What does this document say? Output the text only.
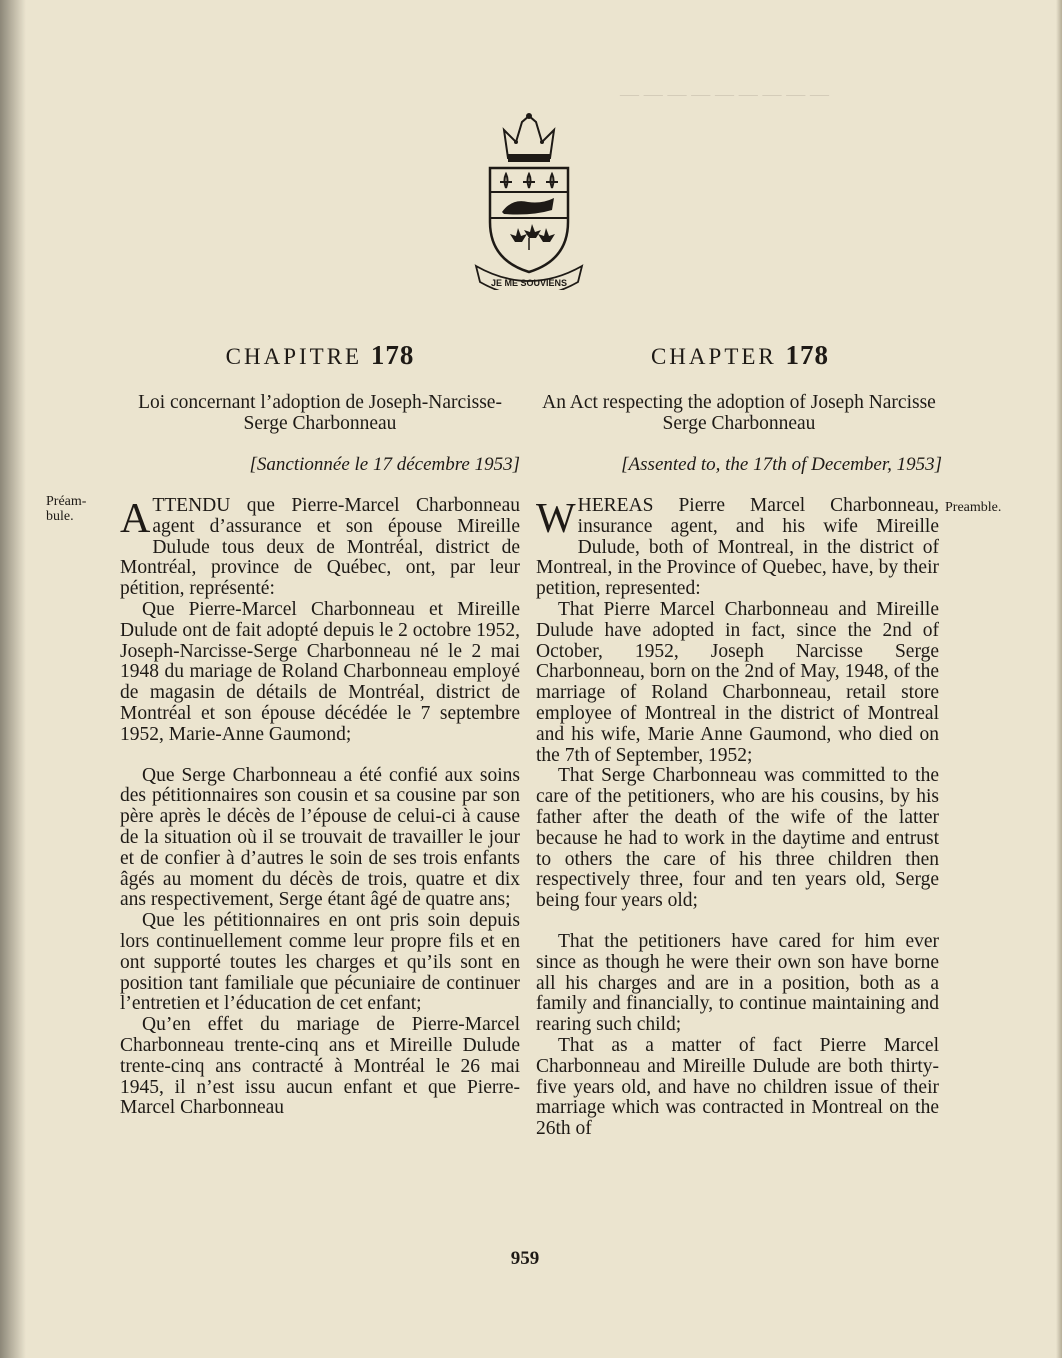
— — — — — — — — —
JE ME SOUVIENS
CHAPITRE 178	CHAPTER 178
Loi concernant l’adoption de Joseph-Narcisse-Serge Charbonneau
An Act respecting the adoption of Joseph Narcisse Serge Charbonneau
[Sanctionnée le 17 décembre 1953]	[Assented to, the 17th of December, 1953]
Préam-bule.
Preamble.

ATTENDU que Pierre-Marcel Charbonneau agent d’assurance et son épouse Mireille Dulude tous deux de Montréal, district de Montréal, province de Québec, ont, par leur pétition, représenté:

Que Pierre-Marcel Charbonneau et Mireille Dulude ont de fait adopté depuis le 2 octobre 1952, Joseph-Narcisse-Serge Charbonneau né le 2 mai 1948 du mariage de Roland Charbonneau employé de magasin de détails de Montréal, district de Montréal et son épouse décédée le 7 septembre 1952, Marie-Anne Gaumond;

Que Serge Charbonneau a été confié aux soins des pétitionnaires son cousin et sa cousine par son père après le décès de l’épouse de celui-ci à cause de la situation où il se trouvait de travailler le jour et de confier à d’autres le soin de ses trois enfants âgés au moment du décès de trois, quatre et dix ans respectivement, Serge étant âgé de quatre ans;

Que les pétitionnaires en ont pris soin depuis lors continuellement comme leur propre fils et en ont supporté toutes les charges et qu’ils sont en position tant familiale que pécuniaire de continuer l’entretien et l’éducation de cet enfant;

Qu’en effet du mariage de Pierre-Marcel Charbonneau trente-cinq ans et Mireille Dulude trente-cinq ans contracté à Montréal le 26 mai 1945, il n’est issu aucun enfant et que Pierre-Marcel Charbonneau

WHEREAS Pierre Marcel Charbonneau, insurance agent, and his wife Mireille Dulude, both of Montreal, in the district of Montreal, in the Province of Quebec, have, by their petition, represented:

That Pierre Marcel Charbonneau and Mireille Dulude have adopted in fact, since the 2nd of October, 1952, Joseph Narcisse Serge Charbonneau, born on the 2nd of May, 1948, of the marriage of Roland Charbonneau, retail store employee of Montreal in the district of Montreal and his wife, Marie Anne Gaumond, who died on the 7th of September, 1952;

That Serge Charbonneau was committed to the care of the petitioners, who are his cousins, by his father after the death of the wife of the latter because he had to work in the daytime and entrust to others the care of his three children then respectively three, four and ten years old, Serge being four years old;

That the petitioners have cared for him ever since as though he were their own son have borne all his charges and are in a position, both as a family and financially, to continue maintaining and rearing such child;

That as a matter of fact Pierre Marcel Charbonneau and Mireille Dulude are both thirty-five years old, and have no children issue of their marriage which was contracted in Montreal on the 26th of

959
